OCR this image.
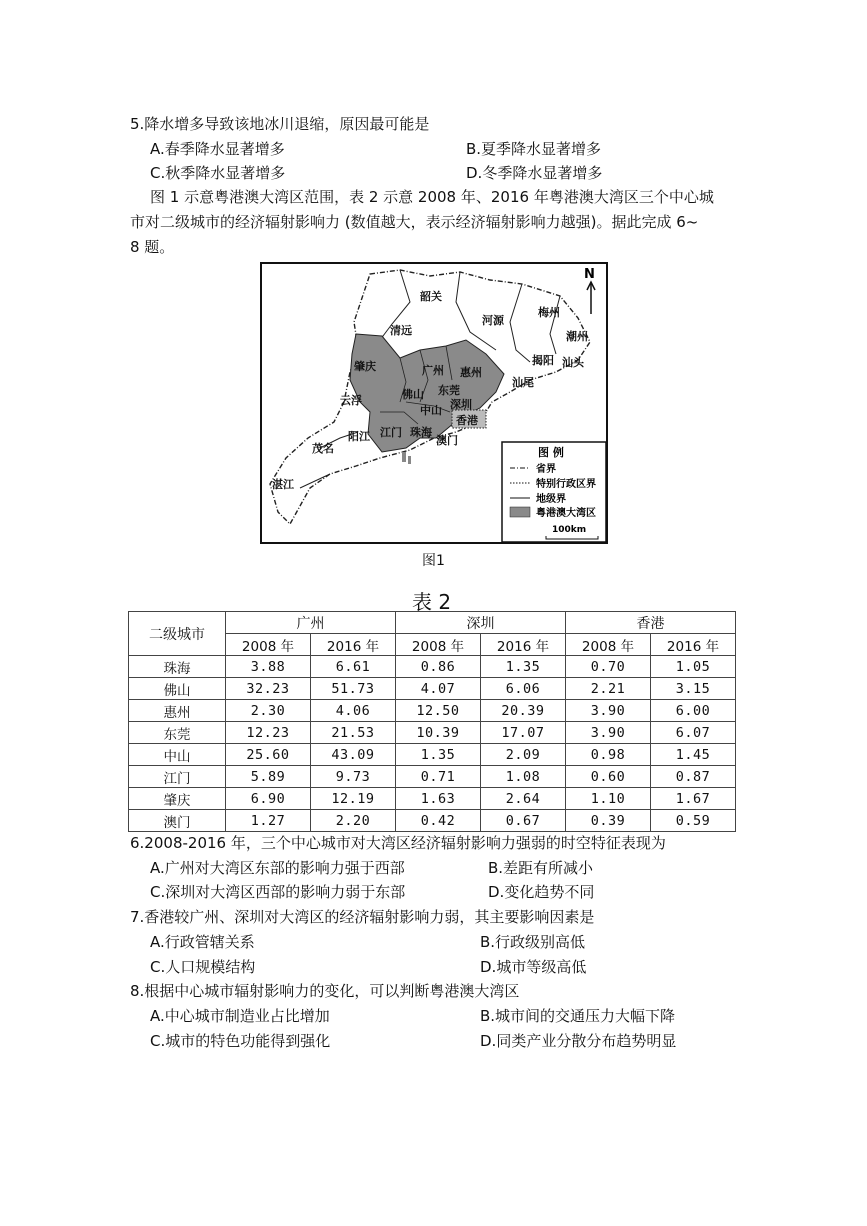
5.降水增多导致该地冰川退缩，原因最可能是
A.春季降水显著增多	B.夏季降水显著增多
C.秋季降水显著增多	D.冬季降水显著增多
图 1 示意粤港澳大湾区范围，表 2 示意 2008 年、2016 年粤港澳大湾区三个中心城
市对二级城市的经济辐射影响力 (数值越大，表示经济辐射影响力越强)。据此完成 6~
8 题。
韶关
河源
梅州
潮州
揭阳 汕头
汕尾
清远
肇庆	广州 惠州
东莞
深圳
佛山
云浮
中山
香港
江门 珠海
澳门
阳江
茂名
湛江
N
图 例
省界
特别行政区界
地级界
粤港澳大湾区
100km
图1
表 2
二级城市	广州		深圳		香港	
	2008 年	2016 年	2008 年	2016 年	2008 年	2016 年
珠海	3.88	6.61	0.86	1.35	0.70	1.05
佛山	32.23	51.73	4.07	6.06	2.21	3.15
惠州	2.30	4.06	12.50	20.39	3.90	6.00
东莞	12.23	21.53	10.39	17.07	3.90	6.07
中山	25.60	43.09	1.35	2.09	0.98	1.45
江门	5.89	9.73	0.71	1.08	0.60	0.87
肇庆	6.90	12.19	1.63	2.64	1.10	1.67
澳门	1.27	2.20	0.42	0.67	0.39	0.59
6.2008-2016 年，三个中心城市对大湾区经济辐射影响力强弱的时空特征表现为
A.广州对大湾区东部的影响力强于西部	B.差距有所减小
C.深圳对大湾区西部的影响力弱于东部	D.变化趋势不同
7.香港较广州、深圳对大湾区的经济辐射影响力弱，其主要影响因素是
A.行政管辖关系	B.行政级别高低
C.人口规模结构	D.城市等级高低
8.根据中心城市辐射影响力的变化，可以判断粤港澳大湾区
A.中心城市制造业占比增加	B.城市间的交通压力大幅下降
C.城市的特色功能得到强化	D.同类产业分散分布趋势明显
